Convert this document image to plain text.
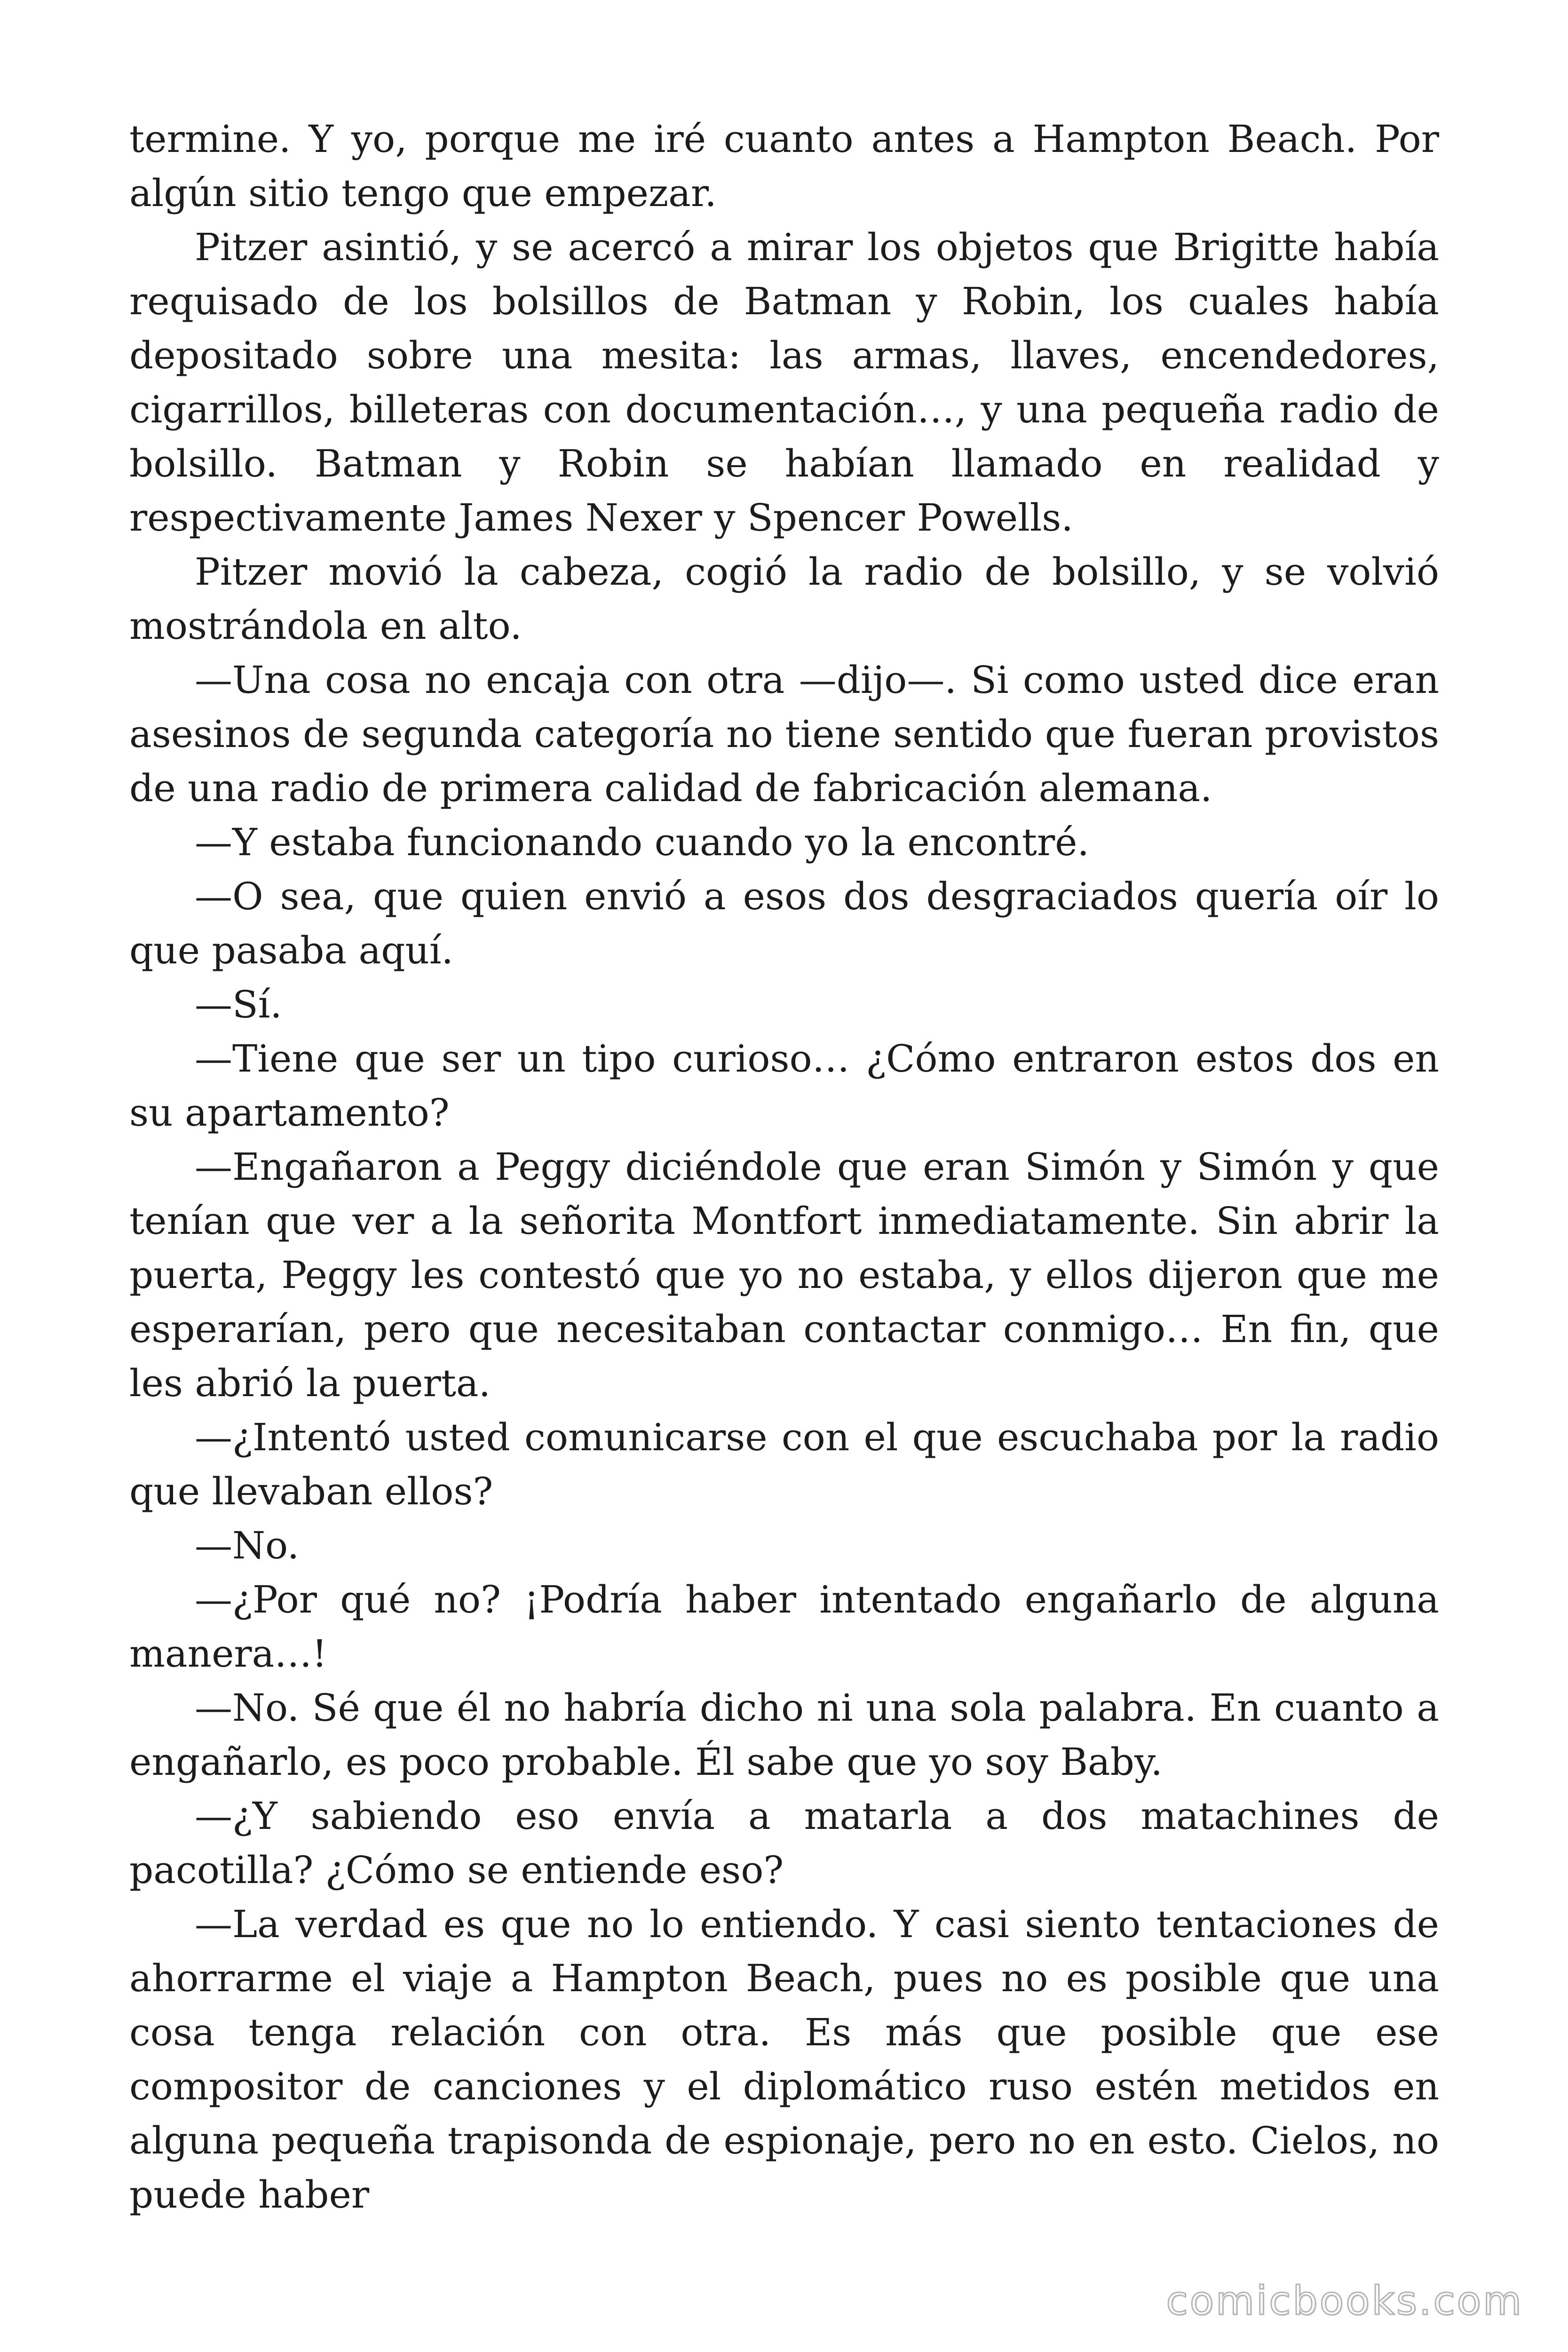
termine. Y yo, porque me iré cuanto antes a Hampton Beach. Por algún sitio tengo que empezar.

Pitzer asintió, y se acercó a mirar los objetos que Brigitte había requisado de los bolsillos de Batman y Robin, los cuales había depositado sobre una mesita: las armas, llaves, encendedores, cigarrillos, billeteras con documentación…, y una pequeña radio de bolsillo. Batman y Robin se habían llamado en realidad y respectivamente James Nexer y Spencer Powells.

Pitzer movió la cabeza, cogió la radio de bolsillo, y se volvió mostrándola en alto.

—Una cosa no encaja con otra —dijo—. Si como usted dice eran asesinos de segunda categoría no tiene sentido que fueran provistos de una radio de primera calidad de fabricación alemana.

—Y estaba funcionando cuando yo la encontré.

—O sea, que quien envió a esos dos desgraciados quería oír lo que pasaba aquí.

—Sí.

—Tiene que ser un tipo curioso… ¿Cómo entraron estos dos en su apartamento?

—Engañaron a Peggy diciéndole que eran Simón y Simón y que tenían que ver a la señorita Montfort inmediatamente. Sin abrir la puerta, Peggy les contestó que yo no estaba, y ellos dijeron que me esperarían, pero que necesitaban contactar conmigo… En fin, que les abrió la puerta.

—¿Intentó usted comunicarse con el que escuchaba por la radio que llevaban ellos?

—No.

—¿Por qué no? ¡Podría haber intentado engañarlo de alguna manera…!

—No. Sé que él no habría dicho ni una sola palabra. En cuanto a engañarlo, es poco probable. Él sabe que yo soy Baby.

—¿Y sabiendo eso envía a matarla a dos matachines de pacotilla? ¿Cómo se entiende eso?

—La verdad es que no lo entiendo. Y casi siento tentaciones de ahorrarme el viaje a Hampton Beach, pues no es posible que una cosa tenga relación con otra. Es más que posible que ese compositor de canciones y el diplomático ruso estén metidos en alguna pequeña trapisonda de espionaje, pero no en esto. Cielos, no puede haber

comicbooks.com
